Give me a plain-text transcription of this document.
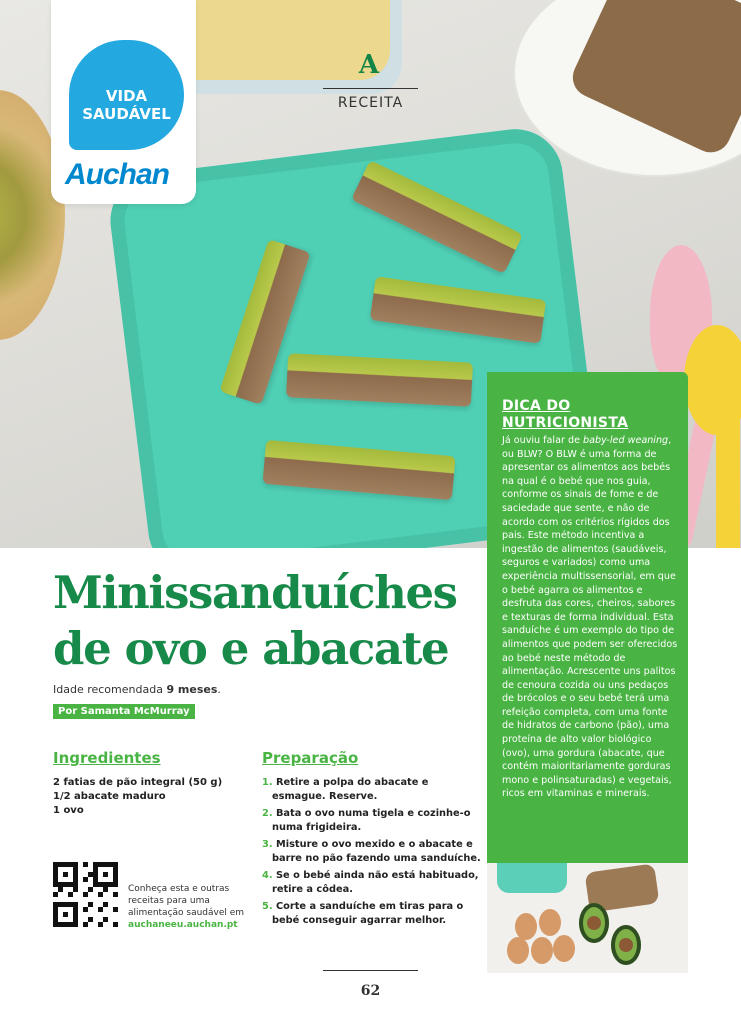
VIDA
SAUDÁVEL
Auchan
A
RECEITA
DICA DO NUTRICIONISTA
Já ouviu falar de baby-led weaning, ou BLW? O BLW é uma forma de apresentar os alimentos aos bebés na qual é o bebé que nos guia, conforme os sinais de fome e de saciedade que sente, e não de acordo com os critérios rígidos dos pais. Este método incentiva a ingestão de alimentos (saudáveis, seguros e variados) como uma experiência multissensorial, em que o bebé agarra os alimentos e desfruta das cores, cheiros, sabores e texturas de forma individual. Esta sanduíche é um exemplo do tipo de alimentos que podem ser oferecidos ao bebé neste método de alimentação. Acrescente uns palitos de cenoura cozida ou uns pedaços de brócolos e o seu bebé terá uma refeição completa, com uma fonte de hidratos de carbono (pão), uma proteína de alto valor biológico (ovo), uma gordura (abacate, que contém maioritariamente gorduras mono e polinsaturadas) e vegetais, ricos em vitaminas e minerais.
Minissanduíches
de ovo e abacate
Idade recomendada 9 meses.
Por Samanta McMurray
Ingredientes
2 fatias de pão integral (50 g)
1/2 abacate maduro
1 ovo
Preparação
1. Retire a polpa do abacate e esmague. Reserve.
2. Bata o ovo numa tigela e cozinhe-o numa frigideira.
3. Misture o ovo mexido e o abacate e barre no pão fazendo uma sanduíche.
4. Se o bebé ainda não está habituado, retire a côdea.
5. Corte a sanduíche em tiras para o bebé conseguir agarrar melhor.
Conheça esta e outras receitas para uma alimentação saudável em auchaneeu.auchan.pt
62
